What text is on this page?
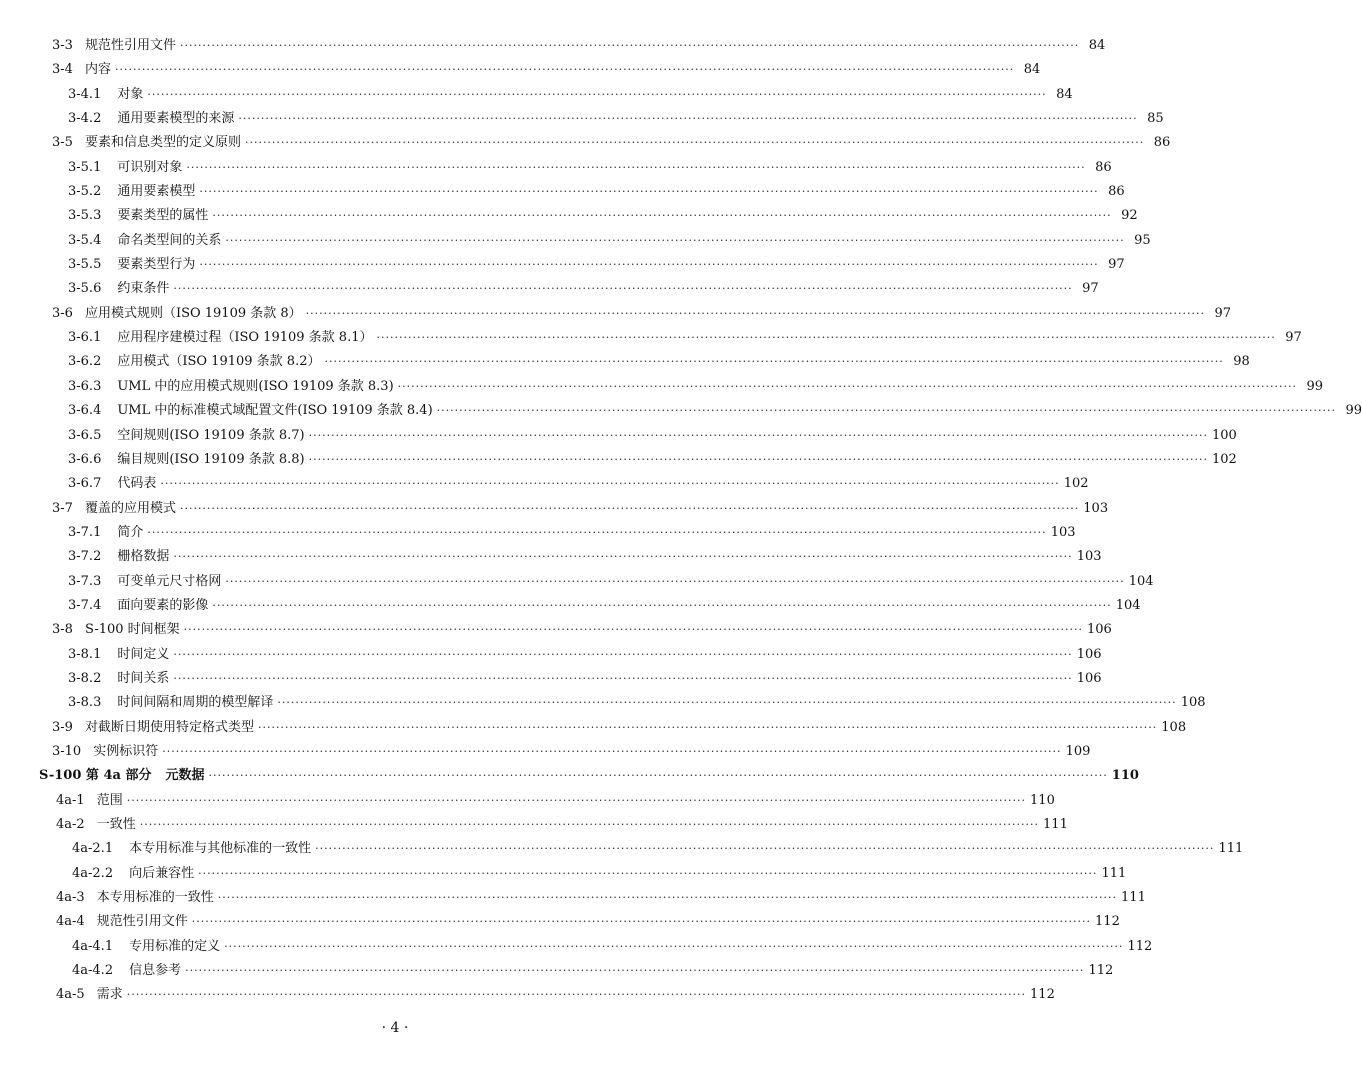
3-3 规范性引用文件 ········································································································································································································ 84
3-4 内容 ········································································································································································································ 84
3-4.1 对象 ········································································································································································································ 84
3-4.2 通用要素模型的来源 ········································································································································································································ 85
3-5 要素和信息类型的定义原则 ········································································································································································································ 86
3-5.1 可识别对象 ········································································································································································································ 86
3-5.2 通用要素模型 ········································································································································································································ 86
3-5.3 要素类型的属性 ········································································································································································································ 92
3-5.4 命名类型间的关系 ········································································································································································································ 95
3-5.5 要素类型行为 ········································································································································································································ 97
3-5.6 约束条件 ········································································································································································································ 97
3-6 应用模式规则（ISO 19109 条款 8） ········································································································································································································ 97
3-6.1 应用程序建模过程（ISO 19109 条款 8.1） ········································································································································································································ 97
3-6.2 应用模式（ISO 19109 条款 8.2） ········································································································································································································ 98
3-6.3 UML 中的应用模式规则(ISO 19109 条款 8.3) ········································································································································································································ 99
3-6.4 UML 中的标准模式域配置文件(ISO 19109 条款 8.4) ········································································································································································································ 99
3-6.5 空间规则(ISO 19109 条款 8.7) ········································································································································································································ 100
3-6.6 编目规则(ISO 19109 条款 8.8) ········································································································································································································ 102
3-6.7 代码表 ········································································································································································································ 102
3-7 覆盖的应用模式 ········································································································································································································ 103
3-7.1 简介 ········································································································································································································ 103
3-7.2 栅格数据 ········································································································································································································ 103
3-7.3 可变单元尺寸格网 ········································································································································································································ 104
3-7.4 面向要素的影像 ········································································································································································································ 104
3-8 S-100 时间框架 ········································································································································································································ 106
3-8.1 时间定义 ········································································································································································································ 106
3-8.2 时间关系 ········································································································································································································ 106
3-8.3 时间间隔和周期的模型解译 ········································································································································································································ 108
3-9 对截断日期使用特定格式类型 ········································································································································································································ 108
3-10 实例标识符 ········································································································································································································ 109
S-100 第 4a 部分 元数据 ········································································································································································································ 110
4a-1 范围 ········································································································································································································ 110
4a-2 一致性 ········································································································································································································ 111
4a-2.1 本专用标准与其他标准的一致性 ········································································································································································································ 111
4a-2.2 向后兼容性 ········································································································································································································ 111
4a-3 本专用标准的一致性 ········································································································································································································ 111
4a-4 规范性引用文件 ········································································································································································································ 112
4a-4.1 专用标准的定义 ········································································································································································································ 112
4a-4.2 信息参考 ········································································································································································································ 112
4a-5 需求 ········································································································································································································ 112
· 4 ·
